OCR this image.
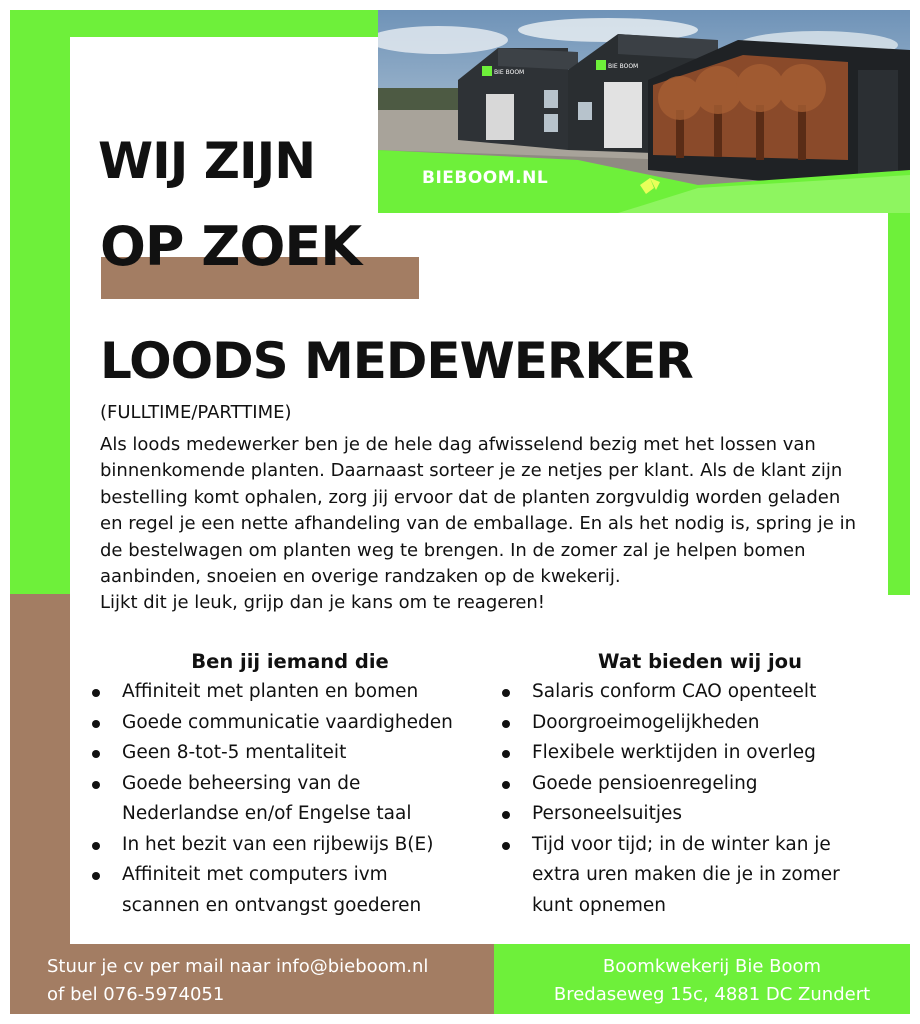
BIE BOOM
BIE BOOM
BIEBOOM.NL
WIJ ZIJN
OP ZOEK
LOODS MEDEWERKER
(FULLTIME/PARTTIME)

Als loods medewerker ben je de hele dag afwisselend bezig met het lossen van

binnenkomende planten. Daarnaast sorteer je ze netjes per klant. Als de klant zijn

bestelling komt ophalen, zorg jij ervoor dat de planten zorgvuldig worden geladen

en regel je een nette afhandeling van de emballage. En als het nodig is, spring je in

de bestelwagen om planten weg te brengen. In de zomer zal je helpen bomen

aanbinden, snoeien en overige randzaken op de kwekerij.

Lijkt dit je leuk, grijp dan je kans om te reageren!

Ben jij iemand die
Affiniteit met planten en bomen
Goede communicatie vaardigheden
Geen 8-tot-5 mentaliteit
Goede beheersing van de
Nederlandse en/of Engelse taal
In het bezit van een rijbewijs B(E)
Affiniteit met computers ivm
scannen en ontvangst goederen
Wat bieden wij jou
Salaris conform CAO openteelt
Doorgroeimogelijkheden
Flexibele werktijden in overleg
Goede pensioenregeling
Personeelsuitjes
Tijd voor tijd; in de winter kan je
extra uren maken die je in zomer
kunt opnemen
Stuur je cv per mail naar info@bieboom.nl
of bel 076-5974051
Boomkwekerij Bie Boom
Bredaseweg 15c, 4881 DC Zundert
